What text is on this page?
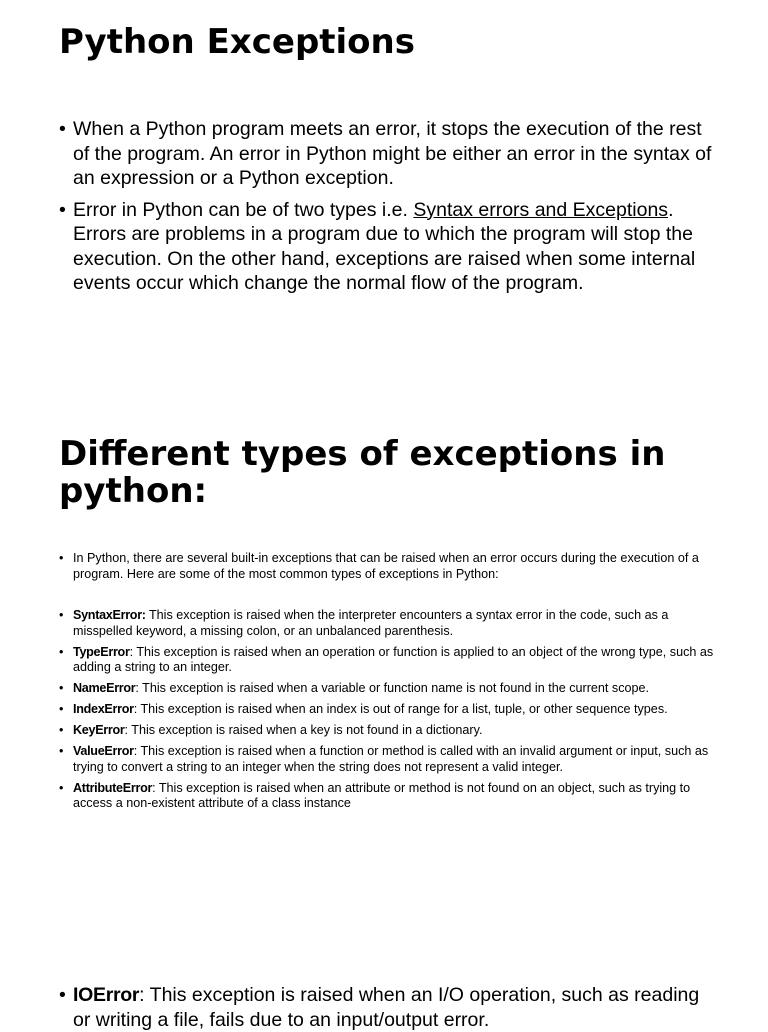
Python Exceptions
• When a Python program meets an error, it stops the execution of the rest of the program. An error in Python might be either an error in the syntax of an expression or a Python exception.
• Error in Python can be of two types i.e. Syntax errors and Exceptions. Errors are problems in a program due to which the program will stop the execution. On the other hand, exceptions are raised when some internal events occur which change the normal flow of the program.
Different types of exceptions in python:
• In Python, there are several built-in exceptions that can be raised when an error occurs during the execution of a program. Here are some of the most common types of exceptions in Python:
• SyntaxError: This exception is raised when the interpreter encounters a syntax error in the code, such as a misspelled keyword, a missing colon, or an unbalanced parenthesis.
• TypeError: This exception is raised when an operation or function is applied to an object of the wrong type, such as adding a string to an integer.
• NameError: This exception is raised when a variable or function name is not found in the current scope.
• IndexError: This exception is raised when an index is out of range for a list, tuple, or other sequence types.
• KeyError: This exception is raised when a key is not found in a dictionary.
• ValueError: This exception is raised when a function or method is called with an invalid argument or input, such as trying to convert a string to an integer when the string does not represent a valid integer.
• AttributeError: This exception is raised when an attribute or method is not found on an object, such as trying to access a non-existent attribute of a class instance
• IOError: This exception is raised when an I/O operation, such as reading or writing a file, fails due to an input/output error.
